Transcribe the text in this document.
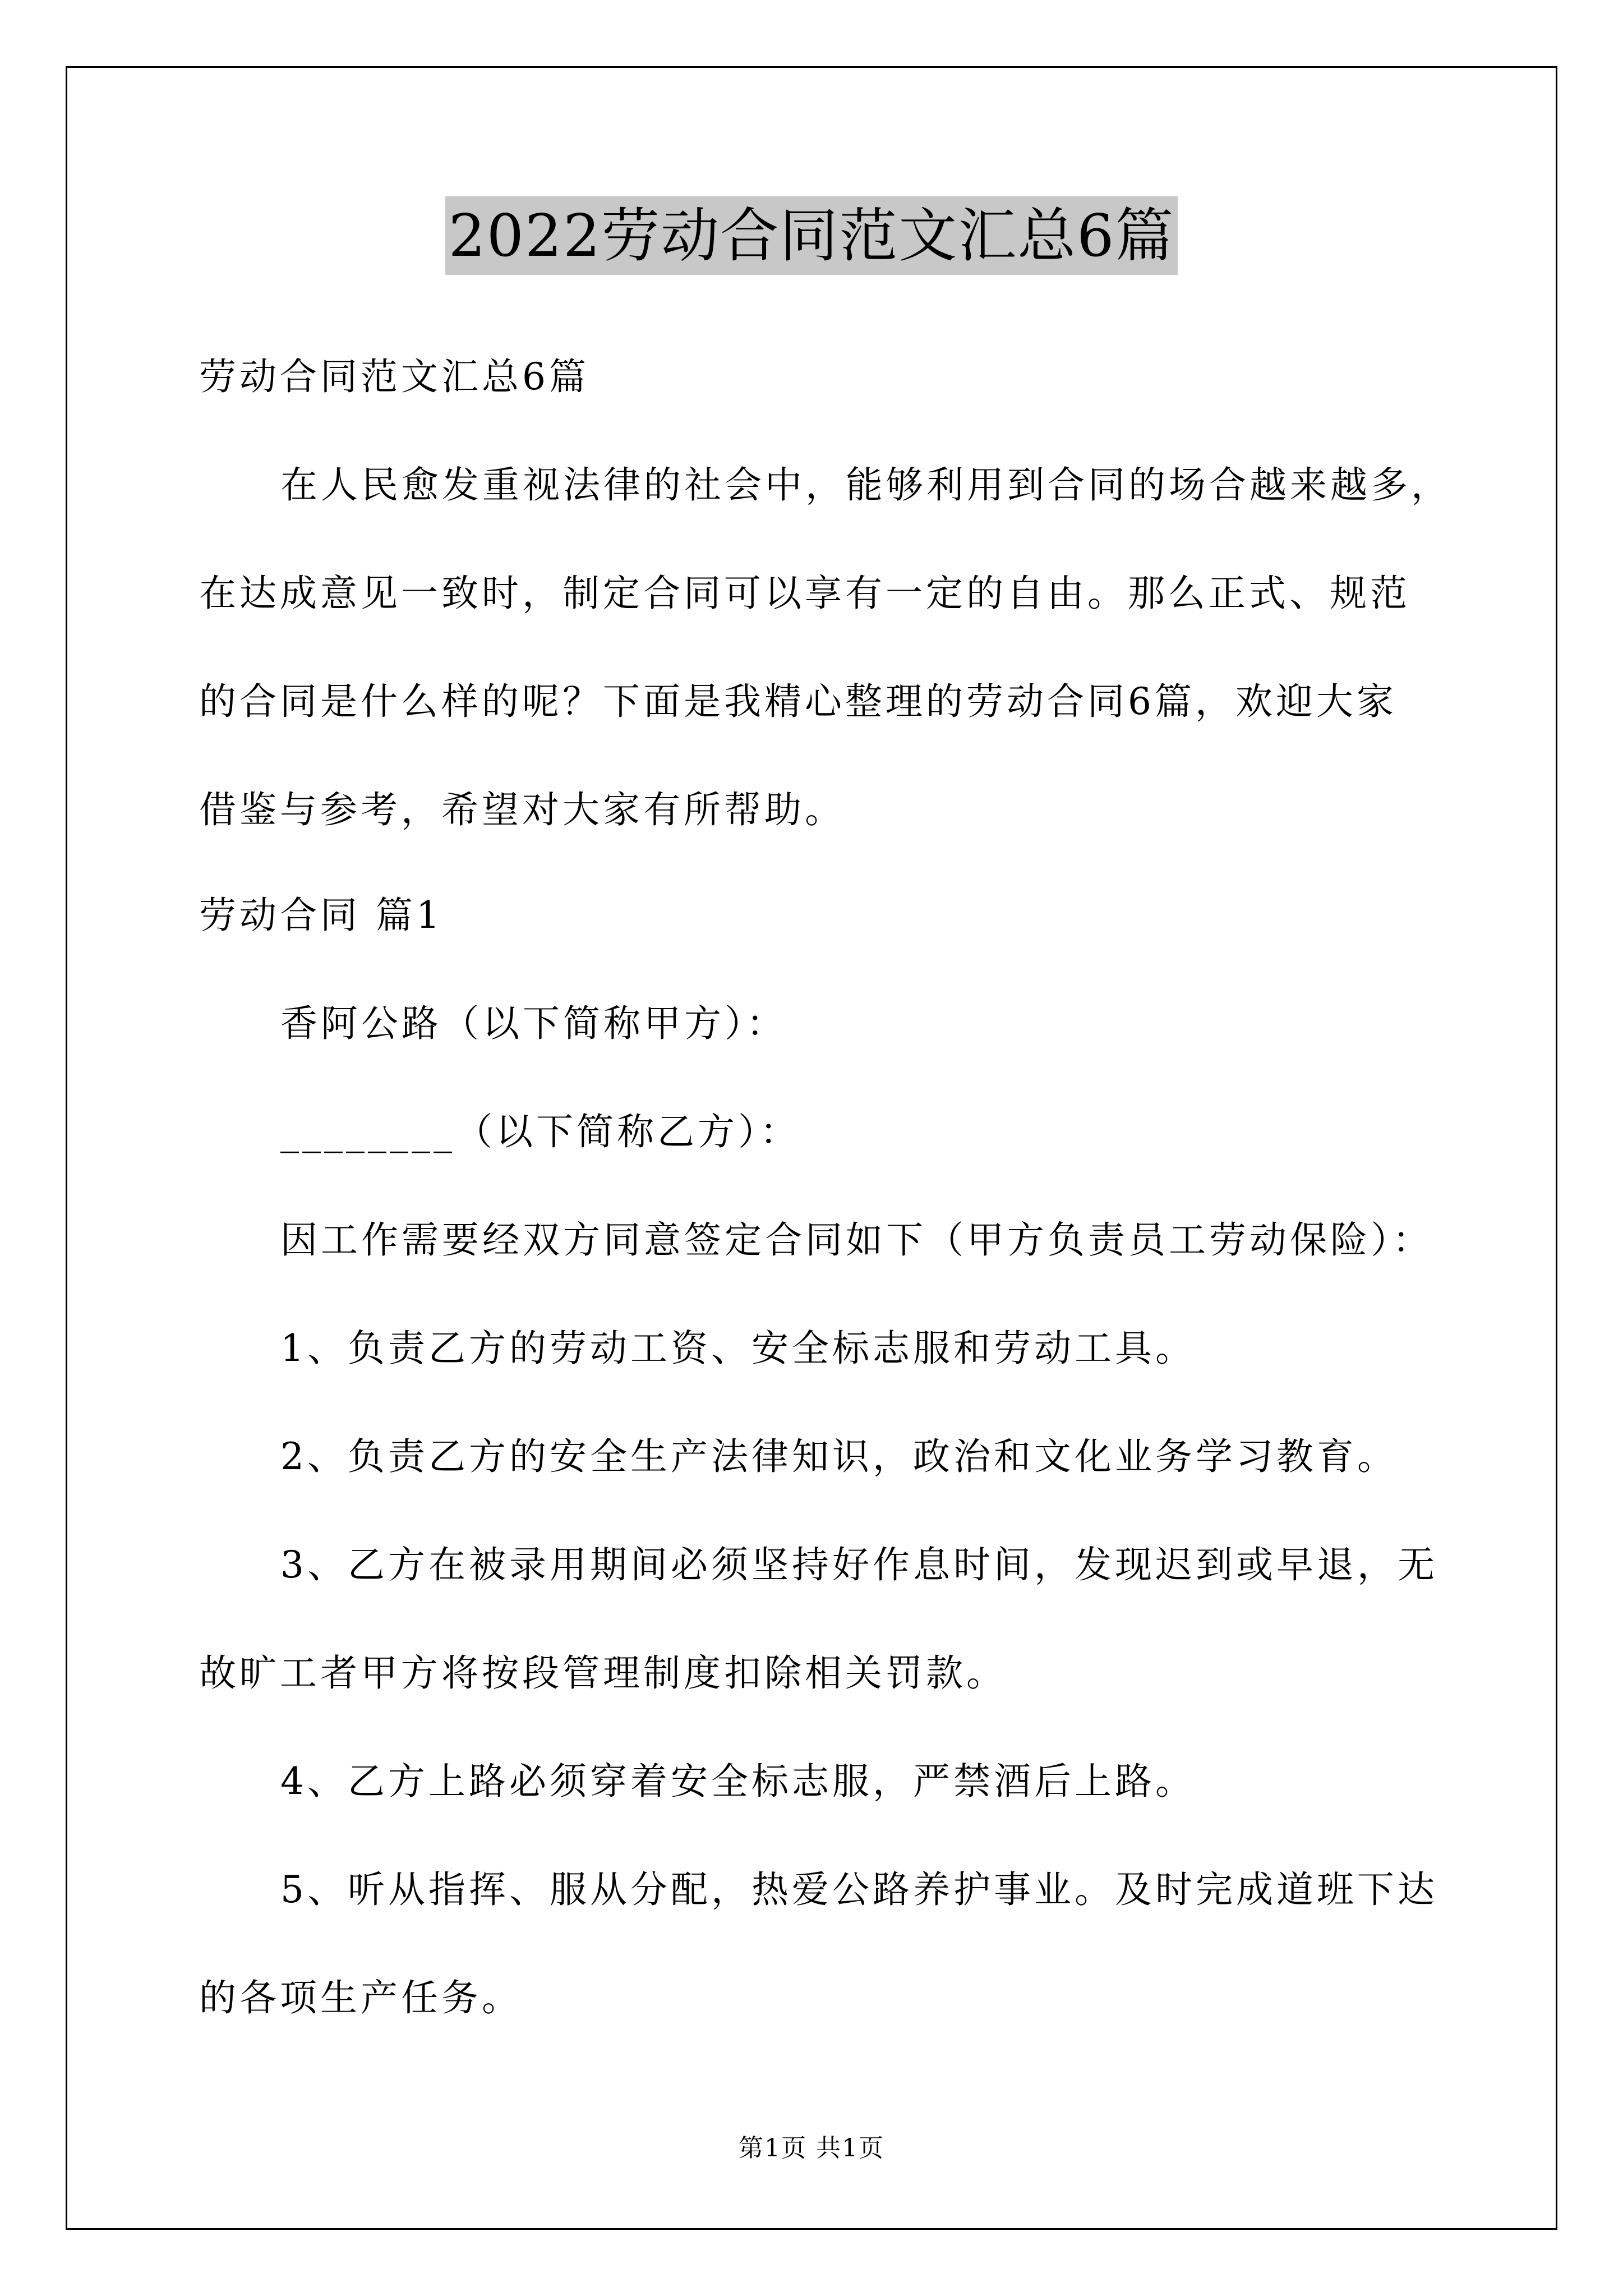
2022劳动合同范文汇总6篇
劳动合同范文汇总6篇
在人民愈发重视法律的社会中，能够利用到合同的场合越来越多，
在达成意见一致时，制定合同可以享有一定的自由。那么正式、规范
的合同是什么样的呢？下面是我精心整理的劳动合同6篇，欢迎大家
借鉴与参考，希望对大家有所帮助。
劳动合同 篇1
香阿公路（以下简称甲方）：
________（以下简称乙方）：
因工作需要经双方同意签定合同如下（甲方负责员工劳动保险）：
1、负责乙方的劳动工资、安全标志服和劳动工具。
2、负责乙方的安全生产法律知识，政治和文化业务学习教育。
3、乙方在被录用期间必须坚持好作息时间，发现迟到或早退，无
故旷工者甲方将按段管理制度扣除相关罚款。
4、乙方上路必须穿着安全标志服，严禁酒后上路。
5、听从指挥、服从分配，热爱公路养护事业。及时完成道班下达
的各项生产任务。
第1页 共1页
